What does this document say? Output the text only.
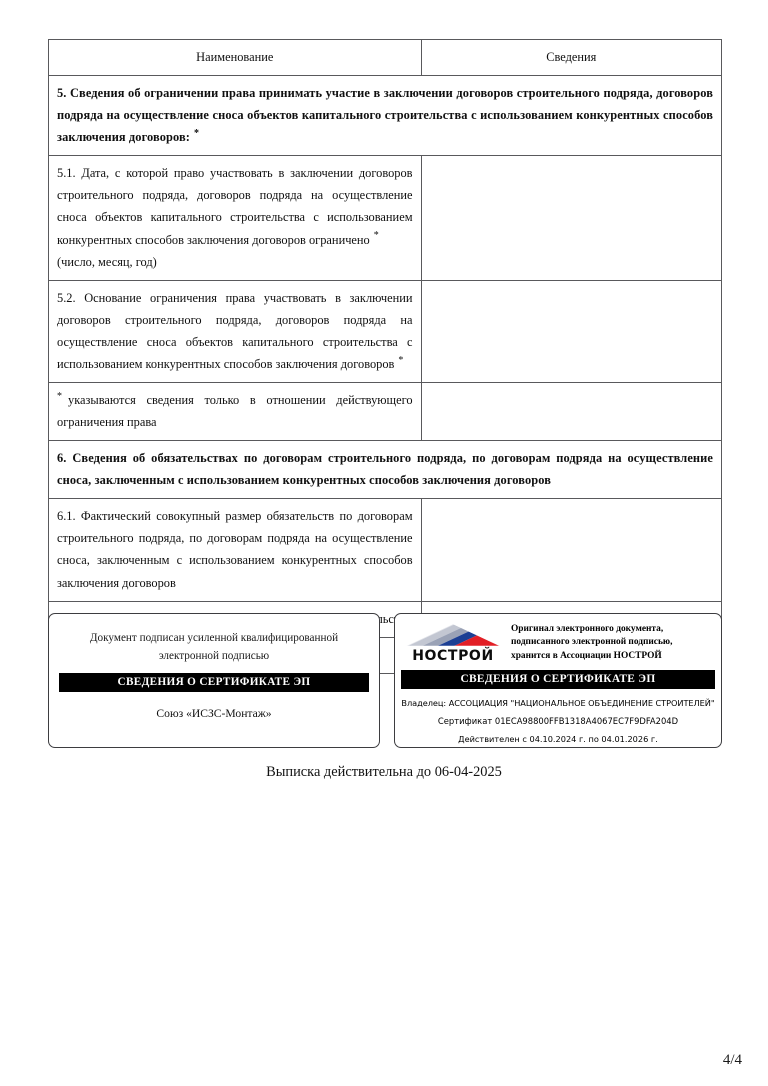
Наименование	Сведения
5. Сведения об ограничении права принимать участие в заключении договоров строительного подряда, договоров подряда на осуществление сноса объектов капитального строительства с использованием конкурентных способов заключения договоров: *
5.1. Дата, с которой право участвовать в заключении договоров строительного подряда, договоров подряда на осуществление сноса объектов капитального строительства с использованием конкурентных способов заключения договоров ограничено *
(число, месяц, год)	
5.2. Основание ограничения права участвовать в заключении договоров строительного подряда, договоров подряда на осуществление сноса объектов капитального строительства с использованием конкурентных способов заключения договоров *	
* указываются сведения только в отношении действующего ограничения права	
6. Сведения об обязательствах по договорам строительного подряда, по договорам подряда на осуществление сноса, заключенным с использованием конкурентных способов заключения договоров	
6.1. Фактический совокупный размер обязательств по договорам строительного подряда, по договорам подряда на осуществление сноса, заключенным с использованием конкурентных способов заключения договоров	

Документ подписан усиленной квалифицированной
электронной подписью
СВЕДЕНИЯ О СЕРТИФИКАТЕ ЭП
Союз «ИСЗС-Монтаж»
НОСТРОЙ
Оригинал электронного документа,
подписанного электронной подписью,
хранится в Ассоциации НОСТРОЙ
СВЕДЕНИЯ О СЕРТИФИКАТЕ ЭП
Владелец: АССОЦИАЦИЯ "НАЦИОНАЛЬНОЕ ОБЪЕДИНЕНИЕ СТРОИТЕЛЕЙ"
Сертификат 01ECA98800FFB1318A4067EC7F9DFA204D
Действителен с 04.10.2024 г. по 04.01.2026 г.
Выписка действительна до 06-04-2025
4/4
